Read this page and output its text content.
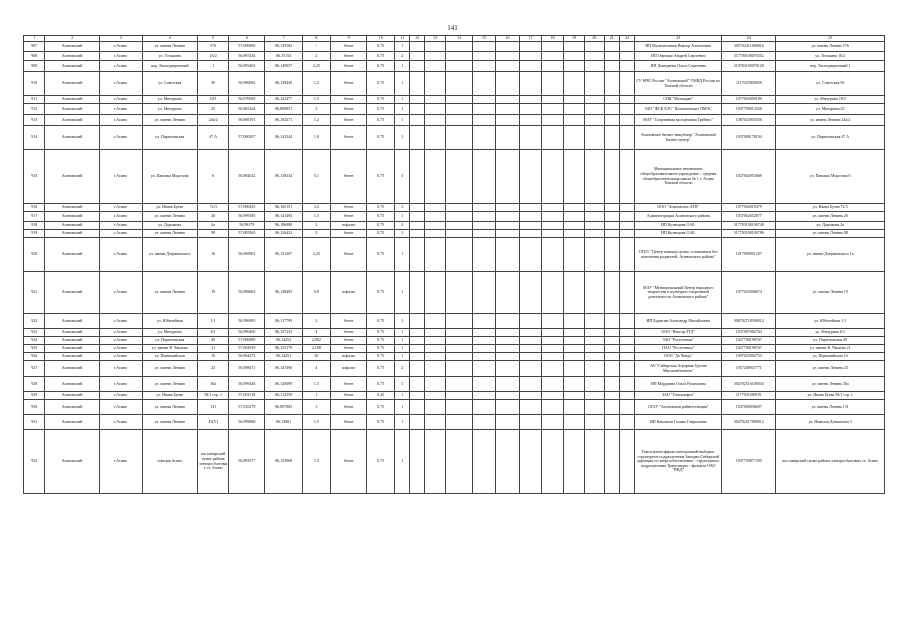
141
1	2	3	4	5	6	7	8	9	10	11	12	13	14	15	16	17	18	19	20	21	22	23	24	25
907	Асиновский	г.Асино	ул. имени Ленина	576	57,000906	86,135582	\	бетон	0,75	1												ИП Мухаметзянов Виктор Алексеевич	305702411600016	ул. имени Ленина 576
908	Асиновский	г.Асино	ул. Тельмана	16/2	56,987434	86,15154	2	бетон	0,75	2												ИП Огрешко Андрей Сергеевич	317700100076352	ул. Тельмана 16/2
909	Асиновский	г.Асино	пер. Экспедиционный	1	56,995465	86,149057	2,25	бетон	0,75	1												ИП Дмитренко Ольга Сергеевна	319703100070120	пер. Экспедиционный 1
910	Асиновский	г.Асино	ул. Советская	50	56,996092	86,139449	1,2	бетон	0,75	1												ГУ МЧС России "Асиновский" УМВД России по Томской области	1117025000658	ул. Советская 50
911	Асиновский	г.Асино	ул. Мичурина	18/1	56,970049	86,122477	1,5	бетон	0,75	1												СПК "Мелиоран"	1077002000180	ул. Мичурина 18/1
912	Асиновский	г.Асино	ул. Мичурина	25	56,965424	86,809851	2	бетон	0,75	1												ЗАО "ФСК ЕЭС" Колпашевское ПМЭС	1037709013526	ул. Мичурина 25
913	Асиновский	г.Асино	ул. имени Ленина	24а/2	56,969191	86,104371	1,2	бетон	0,75	1												МАУ "Спортивная молодежная Грейнос"	1087025003556	ул. имени Ленина 24а/2
914	Асиновский	г.Асино	ул. Партизанская	47 А	57,000207	86,143344	1,8	бетон	0,75	1												Асиновское бизнес-инкубатор "Асиновский Бизнес-центр"	1037000178194	ул. Партизанская 47 А
915	Асиновский	г.Асино	ул. Павлика Морозова	6	56,982022	86,138334	5,1	бетон	0,75	3												Муниципальное автономное общеобразовательное учреждение – средняя общеобразовательная школа № 1 г. Асино Томской области	1027002953669	ул. Павлика Морозова 6
916	Асиновский	г.Асино	ул. Ивана Буева	72/3	57,000435	86,165151	3,4	бетон	0,75	3												ООО "Асиновское АТП"	1077002018379	ул. Ивана Буева 72/3
917	Асиновский	г.Асино	ул. имени Ленина	26	56,999185	86,141494	1,5	бетон	0,75	1												Администрация Асиновского района	1037002652877	ул. имени Ленина 26
918	Асиновский	г.Асино	ул. Дорожная	2а	56,98179	86,186088	2	асфальт	0,75	2												ИП Кузнецова О.Ю.	317703100100740	ул. Дорожная 2а
919	Асиновский	г.Асино	ул. имени Ленина	98	57,005565	86,126432	2	бетон	0,75	1												ИП Кузнецова О.Ю.	317703100100786	ул. имени Ленина 98
920	Асиновский	г.Асино	ул. имени Дзержинского	16	56,969901	86,131207	2,25	бетон	0,75	1												ОГКУ "Центр помощи детям, оставшимся без попечения родителей, Асиновского района"	1017000851207	ул. имени Дзержинского 1а
921	Асиновский	г.Асино	ул. имени Ленина	19	56,998663	86,148405	0,8	асфальт	0,75	1												МАУ "Муниципальный Центр народного творчества и культурно-спортивной деятельности Асиновского района"	1077025006674	ул. имени Ленина 19
922	Асиновский	г.Асино	ул. Юбилейная	1/1	56,996995	86,117799	2	бетон	0,75	1												ИП Бурыгин Александр Михайлович	306702718300012	ул. Юбилейная 1/1
923	Асиновский	г.Асино	ул. Мичурина	6/1	56,996460	86,157233	4	бетон	0,75	1												ООО "Вектор-ТТД"	1037007002764	ул. Мичурина 6/1
924	Асиновский	г.Асино	ул. Партизанская	49	57,000689	86,14252	2,002	бетон	0,75	1												ЗАО "Ростелеком"	1027700198767	ул. Партизанская 49
925	Асиновский	г.Асино	ул. имени В. Чапаева	21	57,002919	86,153179	2,108	бетон	0,75	1												ПАО "Ростелеком"	1027700198767	ул. имени В. Чапаева 21
926	Асиновский	г.Асино	ул. Первомайская	16	56,964475	86,14251	20	асфальт	0,75	1												ООО "Да Чанда"	1097025002753	ул. Первомайская 16
927	Асиновский	г.Асино	ул. имени Ленина	23	56,998471	86,147496	4	асфальт	0,75	2												АО "Сибирская Аграрная Группа Мясокомбинатов"	1057200947771	ул. имени Ленина 23
928	Асиновский	г.Асино	ул. имени Ленина	30а	56,999446	86,145699	1,5	бетон	0,75	1												ИП Мордвина Ольга Рахимовна	304702516100043	ул. имени Ленина 30а
929	Асиновский	г.Асино	ул. Ивана Буева	58/1 стр. 1	57,001118	86,112559	1	бетон	0,45	1												ЗАО "Томскнефть"	1177031089191	ул. Ивана Буева 58/1 стр. 1
930	Асиновский	г.Асино	ул. имени Ленина	131	57,010279	86,097065	3	бетон	0,75	1												ОГБУ "Асиновская райветстанция"	1047000036697	ул. имени Ленина 131
931	Асиновский	г.Асино	ул. имени Ленина	45(V)	56,999860	86,13801	1,5	бетон	0,75	1												ИП Камчатая Галина Гавриловна	304702517800012	ул. Николая Довжилова 3
932	Асиновский	г.Асино	станция Асино	пассажирский пункт района электросбытовых ст. Асино	56,993577	86,152968	1,5	бетон	0,75	1												Томск-вагон-фарма-электронный-выборка-структурное подразделение Западно-Сибирской дирекции по энергообеспечению - структурного подразделения Трансэнерго - филиала ОАО "РЖД"	1037739877295	пассажирский пункт района электросбытовых ст. Асино
